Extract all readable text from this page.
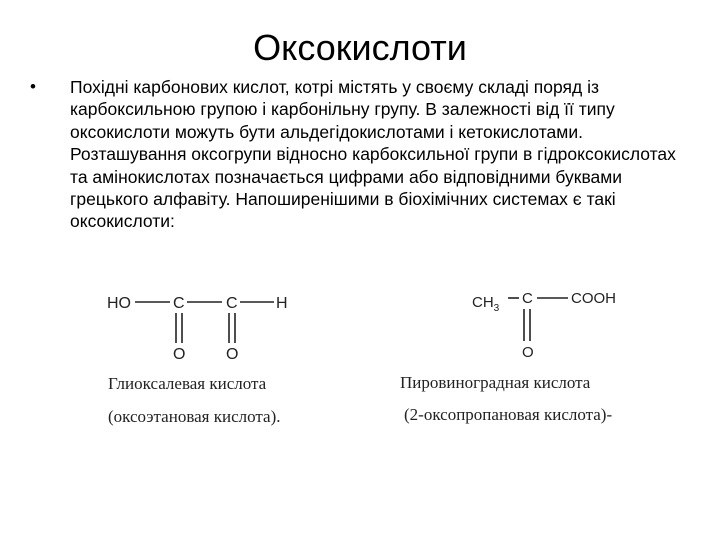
Оксокислоти
•	Похідні карбонових кислот, котрі містять у своєму складі поряд із карбоксильною групою і карбонільну групу. В залежності від її типу оксокислоти можуть бути альдегідокислотами і кетокислотами. Розташування оксогрупи відносно карбоксильної групи в гідроксокислотах та амінокислотах позначається цифрами або відповідними буквами грецького алфавіту. Напоширенішими в біохімічних системах є такі оксокислоти:
HO	C	C H
O	O
$CH_3$
C	COOH
O
Глиоксалевая кислота
(оксоэтановая кислота).
Пировиноградная кислота
(2-оксопропановая кислота)-
